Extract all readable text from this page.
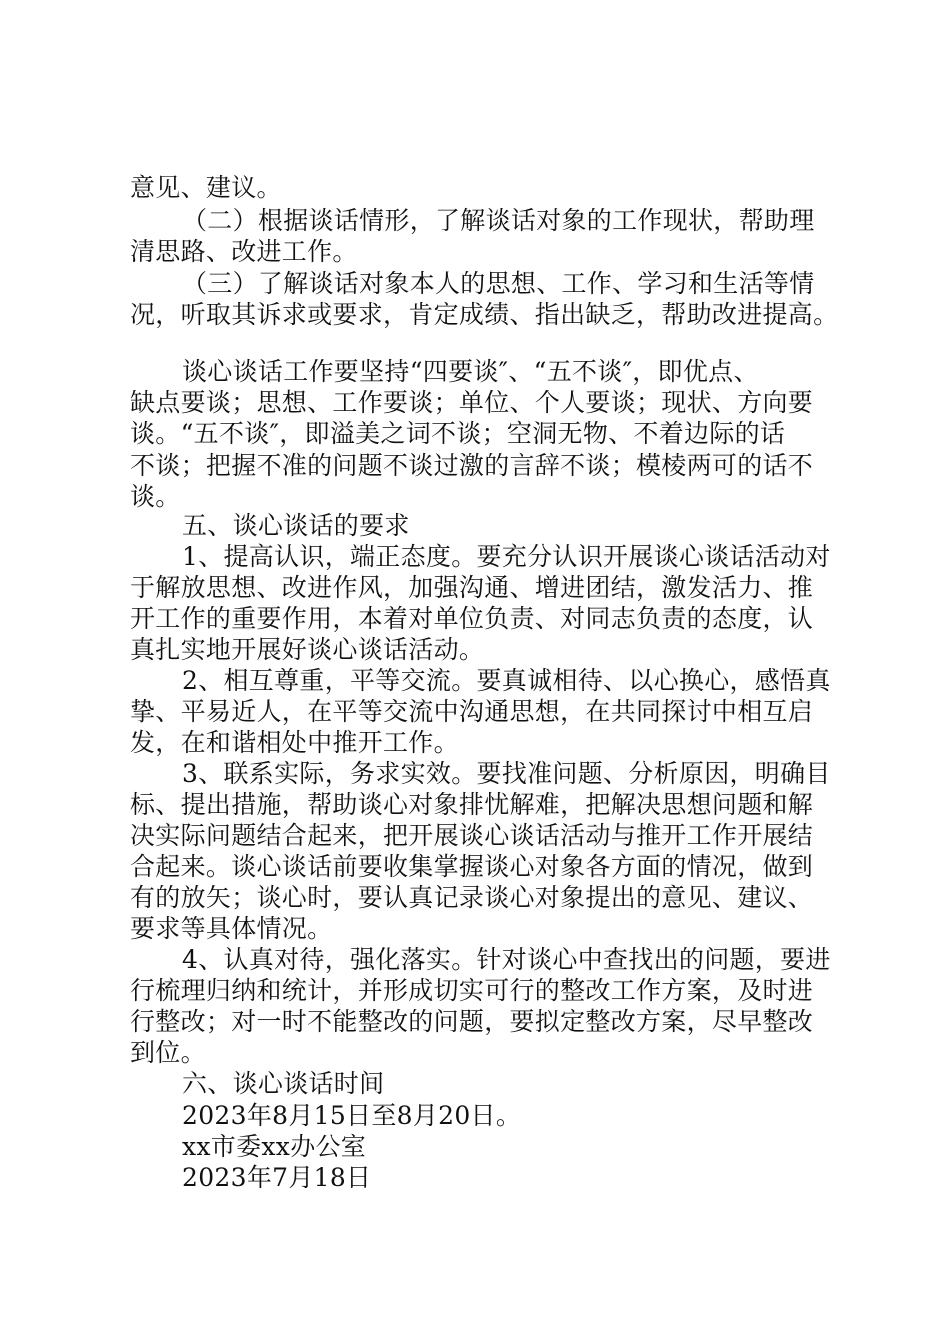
意见、建议。
（二）根据谈话情形，了解谈话对象的工作现状，帮助理
清思路、改进工作。
（三）了解谈话对象本人的思想、工作、学习和生活等情
况，听取其诉求或要求，肯定成绩、指出缺乏，帮助改进提高。
谈心谈话工作要坚持“四要谈″、“五不谈″，即优点、
缺点要谈；思想、工作要谈；单位、个人要谈；现状、方向要
谈。“五不谈″，即溢美之词不谈；空洞无物、不着边际的话
不谈；把握不准的问题不谈过激的言辞不谈；模棱两可的话不
谈。
五、谈心谈话的要求
1、提高认识，端正态度。要充分认识开展谈心谈话活动对
于解放思想、改进作风，加强沟通、增进团结，激发活力、推
开工作的重要作用，本着对单位负责、对同志负责的态度，认
真扎实地开展好谈心谈话活动。
2、相互尊重，平等交流。要真诚相待、以心换心，感悟真
挚、平易近人，在平等交流中沟通思想，在共同探讨中相互启
发，在和谐相处中推开工作。
3、联系实际，务求实效。要找准问题、分析原因，明确目
标、提出措施，帮助谈心对象排忧解难，把解决思想问题和解
决实际问题结合起来，把开展谈心谈话活动与推开工作开展结
合起来。谈心谈话前要收集掌握谈心对象各方面的情况，做到
有的放矢；谈心时，要认真记录谈心对象提出的意见、建议、
要求等具体情况。
4、认真对待，强化落实。针对谈心中查找出的问题，要进
行梳理归纳和统计，并形成切实可行的整改工作方案，及时进
行整改；对一时不能整改的问题，要拟定整改方案，尽早整改
到位。
六、谈心谈话时间
2023年8月15日至8月20日。
xx市委xx办公室
2023年7月18日
